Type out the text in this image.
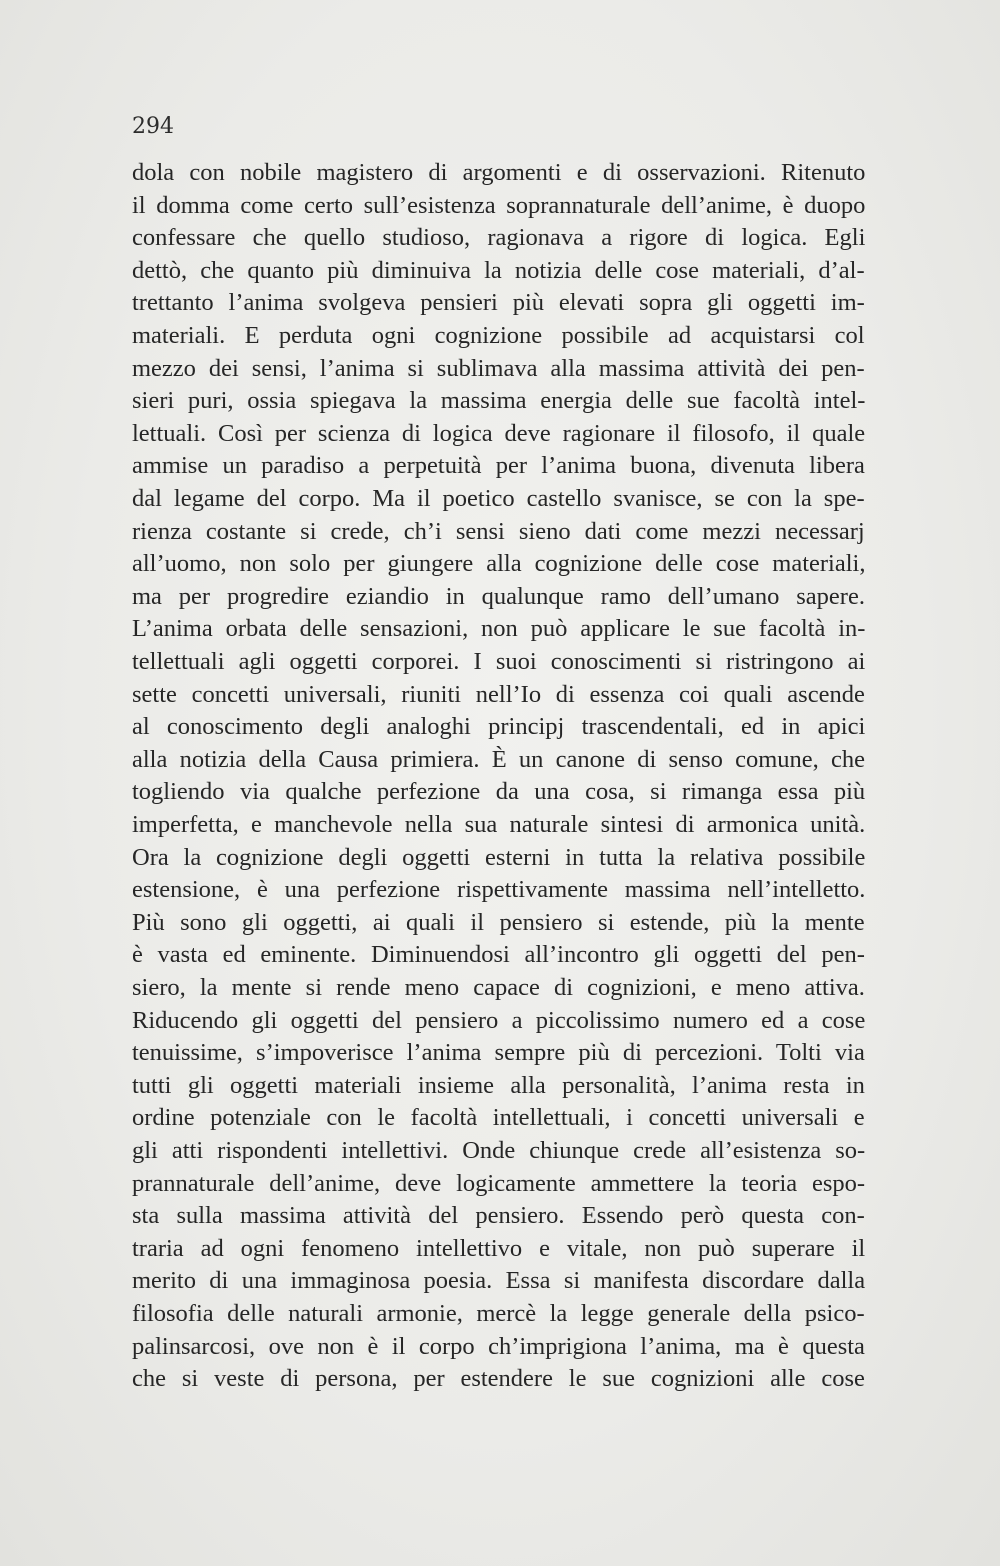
294
dola con nobile magistero di argomenti e di osservazioni. Ritenuto
il domma come certo sull’esistenza soprannaturale dell’anime, è duopo
confessare che quello studioso, ragionava a rigore di logica. Egli
dettò, che quanto più diminuiva la notizia delle cose materiali, d’al-
trettanto l’anima svolgeva pensieri più elevati sopra gli oggetti im-
materiali. E perduta ogni cognizione possibile ad acquistarsi col
mezzo dei sensi, l’anima si sublimava alla massima attività dei pen-
sieri puri, ossia spiegava la massima energia delle sue facoltà intel-
lettuali. Così per scienza di logica deve ragionare il filosofo, il quale
ammise un paradiso a perpetuità per l’anima buona, divenuta libera
dal legame del corpo. Ma il poetico castello svanisce, se con la spe-
rienza costante si crede, ch’i sensi sieno dati come mezzi necessarj
all’uomo, non solo per giungere alla cognizione delle cose materiali,
ma per progredire eziandio in qualunque ramo dell’umano sapere.
L’anima orbata delle sensazioni, non può applicare le sue facoltà in-
tellettuali agli oggetti corporei. I suoi conoscimenti si ristringono ai
sette concetti universali, riuniti nell’Io di essenza coi quali ascende
al conoscimento degli analoghi principj trascendentali, ed in apici
alla notizia della Causa primiera. È un canone di senso comune, che
togliendo via qualche perfezione da una cosa, si rimanga essa più
imperfetta, e manchevole nella sua naturale sintesi di armonica unità.
Ora la cognizione degli oggetti esterni in tutta la relativa possibile
estensione, è una perfezione rispettivamente massima nell’intelletto.
Più sono gli oggetti, ai quali il pensiero si estende, più la mente
è vasta ed eminente. Diminuendosi all’incontro gli oggetti del pen-
siero, la mente si rende meno capace di cognizioni, e meno attiva.
Riducendo gli oggetti del pensiero a piccolissimo numero ed a cose
tenuissime, s’impoverisce l’anima sempre più di percezioni. Tolti via
tutti gli oggetti materiali insieme alla personalità, l’anima resta in
ordine potenziale con le facoltà intellettuali, i concetti universali e
gli atti rispondenti intellettivi. Onde chiunque crede all’esistenza so-
prannaturale dell’anime, deve logicamente ammettere la teoria espo-
sta sulla massima attività del pensiero. Essendo però questa con-
traria ad ogni fenomeno intellettivo e vitale, non può superare il
merito di una immaginosa poesia. Essa si manifesta discordare dalla
filosofia delle naturali armonie, mercè la legge generale della psico-
palinsarcosi, ove non è il corpo ch’imprigiona l’anima, ma è questa
che si veste di persona, per estendere le sue cognizioni alle cose
